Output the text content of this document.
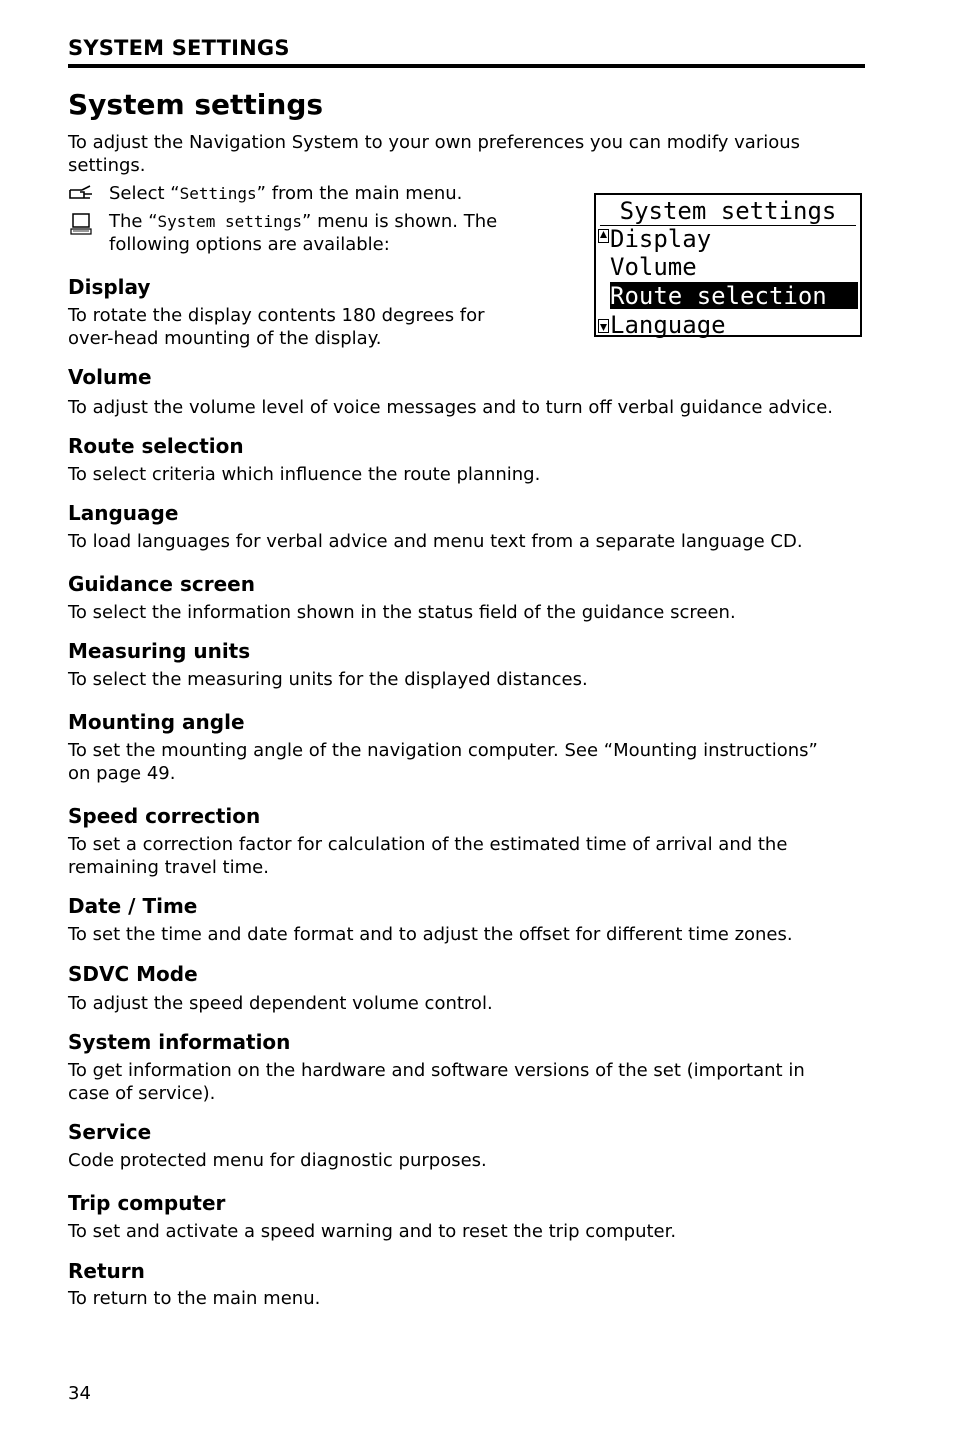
SYSTEM SETTINGS
System settings
To adjust the Navigation System to your own preferences you can modify various
settings.
Select “Settings” from the main menu.
The “System settings” menu is shown. The
following options are available:
System settings
Display
Volume
Route selection
Language
Display
To rotate the display contents 180 degrees for
over-head mounting of the display.
Volume
To adjust the volume level of voice messages and to turn off verbal guidance advice.
Route selection
To select criteria which influence the route planning.
Language
To load languages for verbal advice and menu text from a separate language CD.
Guidance screen
To select the information shown in the status field of the guidance screen.
Measuring units
To select the measuring units for the displayed distances.
Mounting angle
To set the mounting angle of the navigation computer. See “Mounting instructions”
on page 49.
Speed correction
To set a correction factor for calculation of the estimated time of arrival and the
remaining travel time.
Date / Time
To set the time and date format and to adjust the offset for different time zones.
SDVC Mode
To adjust the speed dependent volume control.
System information
To get information on the hardware and software versions of the set (important in
case of service).
Service
Code protected menu for diagnostic purposes.
Trip computer
To set and activate a speed warning and to reset the trip computer.
Return
To return to the main menu.
34
